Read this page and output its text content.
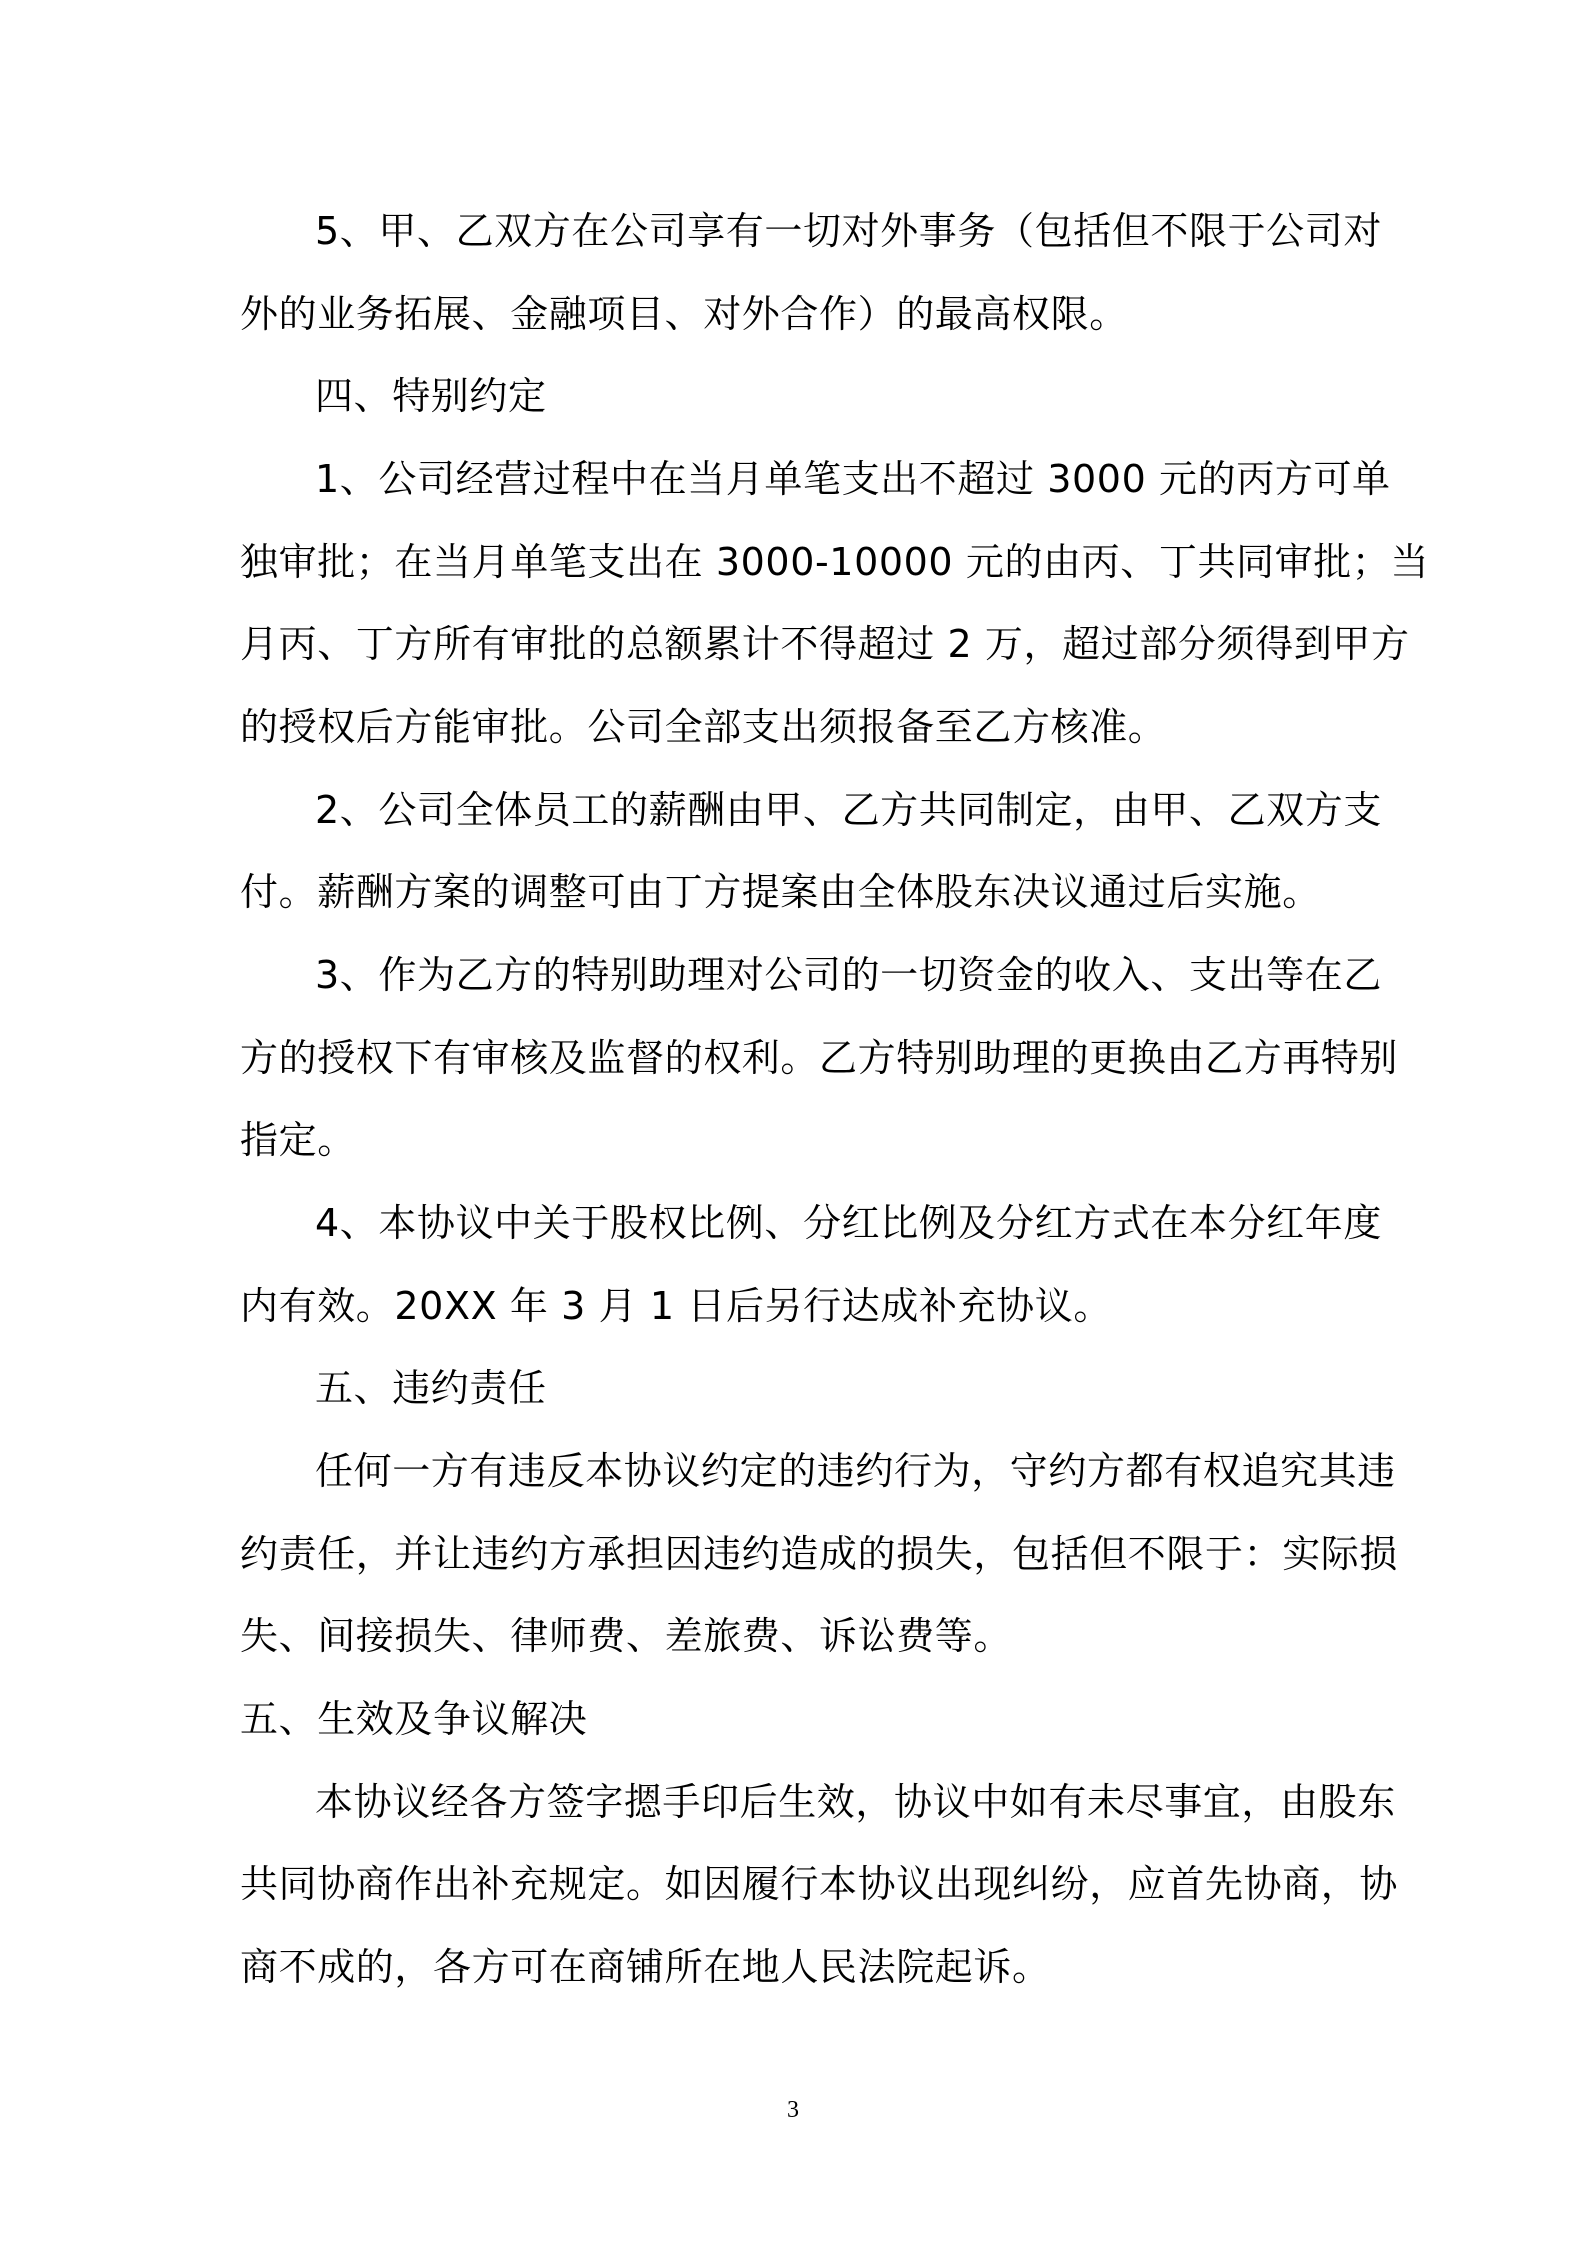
5、甲、乙双方在公司享有一切对外事务（包括但不限于公司对
外的业务拓展、金融项目、对外合作）的最高权限。
四、特别约定
1、公司经营过程中在当月单笔支出不超过 3000 元的丙方可单
独审批；在当月单笔支出在 3000-10000 元的由丙、丁共同审批；当
月丙、丁方所有审批的总额累计不得超过 2 万，超过部分须得到甲方
的授权后方能审批。公司全部支出须报备至乙方核准。
2、公司全体员工的薪酬由甲、乙方共同制定，由甲、乙双方支
付。薪酬方案的调整可由丁方提案由全体股东决议通过后实施。
3、作为乙方的特别助理对公司的一切资金的收入、支出等在乙
方的授权下有审核及监督的权利。乙方特别助理的更换由乙方再特别
指定。
4、本协议中关于股权比例、分红比例及分红方式在本分红年度
内有效。20XX 年 3 月 1 日后另行达成补充协议。
五、违约责任
任何一方有违反本协议约定的违约行为，守约方都有权追究其违
约责任，并让违约方承担因违约造成的损失，包括但不限于：实际损
失、间接损失、律师费、差旅费、诉讼费等。
五、生效及争议解决
本协议经各方签字摁手印后生效，协议中如有未尽事宜，由股东
共同协商作出补充规定。如因履行本协议出现纠纷，应首先协商，协
商不成的，各方可在商铺所在地人民法院起诉。
3
